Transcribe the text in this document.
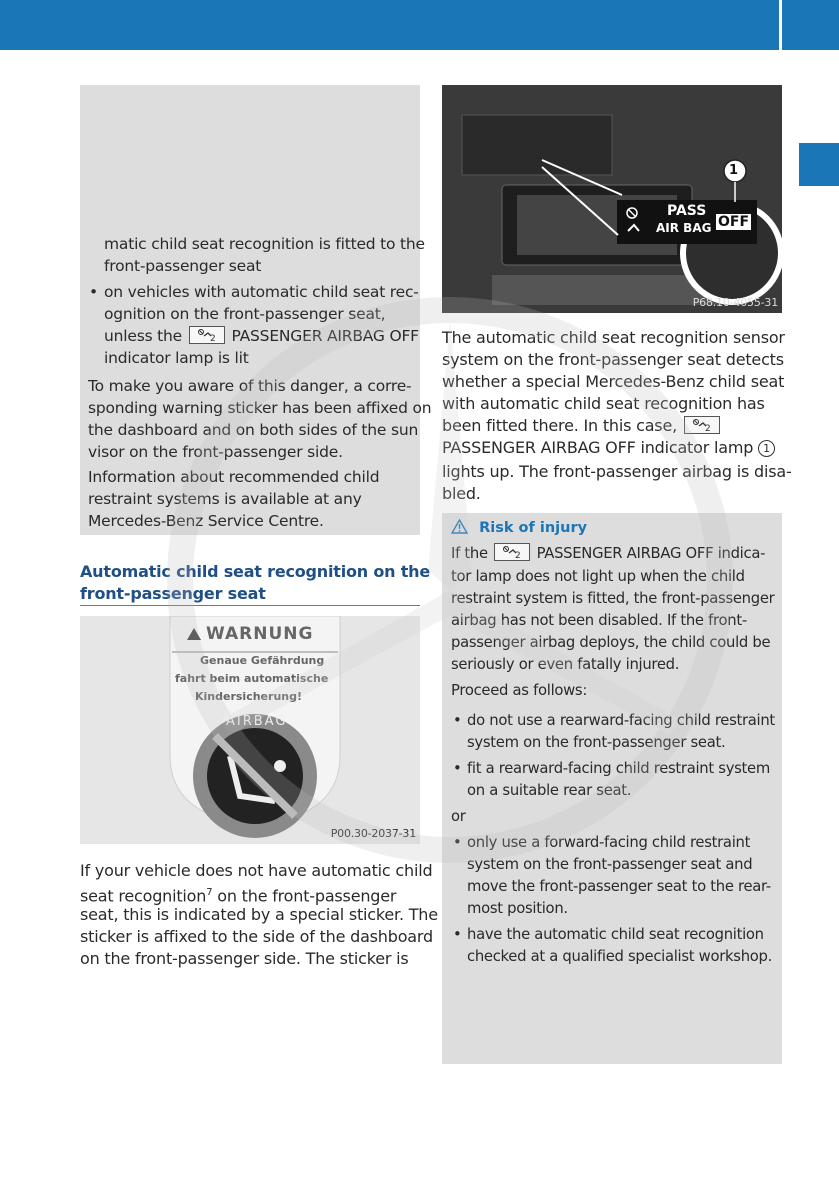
matic child seat recognition is fitted to the
front-passenger seat
• on vehicles with automatic child seat rec-
ognition on the front-passenger seat,
unless the	2 PASSENGER AIRBAG OFF
indicator lamp is lit
To make you aware of this danger, a corre-
sponding warning sticker has been affixed on
the dashboard and on both sides of the sun
visor on the front-passenger side.
Information about recommended child
restraint systems is available at any
Mercedes-Benz Service Centre.
Automatic child seat recognition on the
front-passenger seat
WARNUNG
Genaue Gefährdung
fahrt beim automatische
Kindersicherung!
AIRBAG
P00.30-2037-31
If your vehicle does not have automatic child
seat recognition$^7$ on the front-passenger
seat, this is indicated by a special sticker. The
sticker is affixed to the side of the dashboard
on the front-passenger side. The sticker is
1
PASS
AIR BAG OFF
P68.10-4055-31
The automatic child seat recognition sensor
system on the front-passenger seat detects
whether a special Mercedes-Benz child seat
with automatic child seat recognition has
been fitted there. In this case,	2
PASSENGER AIRBAG OFF indicator lamp 1
lights up. The front-passenger airbag is disa-
bled.
Risk of injury
If the	2 PASSENGER AIRBAG OFF indica-
tor lamp does not light up when the child
restraint system is fitted, the front-passenger
airbag has not been disabled. If the front-
passenger airbag deploys, the child could be
seriously or even fatally injured.
Proceed as follows:
• do not use a rearward-facing child restraint
system on the front-passenger seat.
• fit a rearward-facing child restraint system
on a suitable rear seat.
or
• only use a forward-facing child restraint
system on the front-passenger seat and
move the front-passenger seat to the rear-
most position.
• have the automatic child seat recognition
checked at a qualified specialist workshop.
